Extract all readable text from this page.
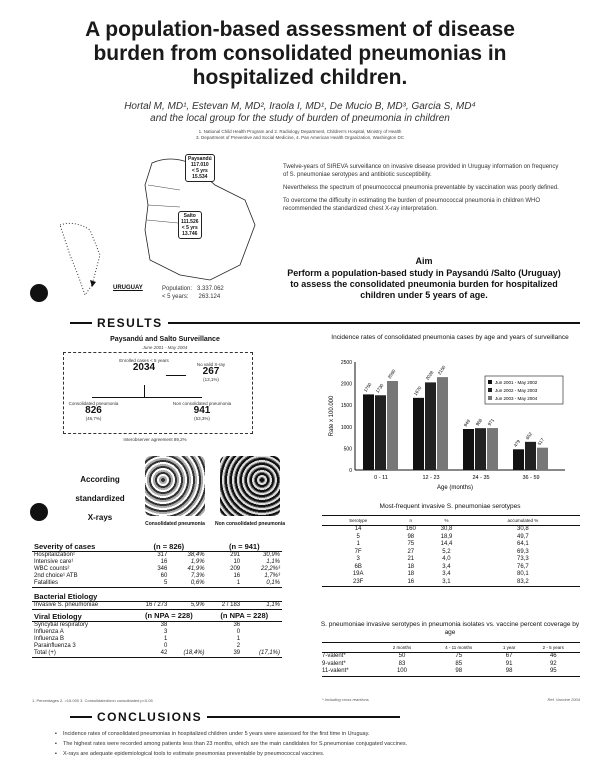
A population-based assessment of disease burden from consolidated pneumonias in hospitalized children.
Hortal M, MD¹, Estevan M, MD², Iraola I, MD¹, De Mucio B, MD³, Garcia S, MD⁴
and the local group for the study of burden of pneumonia in children
1. National Child Health Program and 2. Radiology Department, Children's Hospital, Ministry of Health
3. Department of Preventive and Social Medicine, 4. Pan American Health Organization, Washington DC
Paysandú
117.010
< 5 yrs
15.534
Salto
111.526
< 5 yrs
13.746
URUGUAY	Population: 3.337.062
< 5 years: 263.124

Twelve-years of SIREVA surveillance on invasive disease provided in Uruguay information on frequency of S. pneumoniae serotypes and antibiotic susceptibility.

Nevertheless the spectrum of pneumococcal pneumonia preventable by vaccination was poorly defined.

To overcome the difficulty in estimating the burden of pneumococcal pneumonia in children WHO recommended the standardized chest X-ray interpretation.

Aim
Perform a population-based study in Paysandú /Salto (Uruguay) to assess the consolidated pneumonia burden for hospitalized children under 5 years of age.
RESULTS
Paysandú and Salto Surveillance
June 2001 - May 2004
Enrolled cases < 5 years
2034	No valid X-ray
267
(13,1%)
Consolidated pneumonia
826
(46,7%)
Non consolidated pneumonia
941
(53,3%)
Interobserver agreement 89,2%
Incidence rates of consolidated pneumonia cases by age and years of surveillance
0
500
1000
1500
2000
2500
Rate x 100.000
1750 1730
2060
0 - 11
1670
2028 2150
12 - 23
949 968 971
24 - 35
479
652
517
36 - 59
Age (months)
Jun 2001 - May 2002
Jun 2002 - May 2003
Jun 2003 - May 2004
According
standardized
X-rays
Consolidated pneumonia	Non consolidated pneumonia
Severity of cases	(n = 826)		(n = 941)	
Hospitalization¹	317	38,4%	291	30,9%
Intensive care¹	16	1,9%	10	1,1%
WBC counts²	346	41,9%	209	22,2%³
2nd choice¹ ATB	60	7,3%	16	1,7%³
Fatalities	5	0,6%	1	0,1%
Bacterial Etiology				
Invasive S. pneumoniae	16 / 273	5,9%	2 / 183	1,1%
Viral Etiology	(n NPA = 228)		(n NPA = 228)	
Syncytial respiratory	38		36	
Influenza A	3		0	
Influenza B	1		1	
Parainfluenza 3	0		2	
Total (+)	42	(18,4%)	39	(17,1%)
1. Percentages 2. >15.000 3. Consolidated/non consolidated p<0.05
Most-frequent invasive S. pneumoniae serotypes
Serotype	n	%	accumulated %
14	160	30,8	30,8
5	98	18,9	49,7
1	75	14,4	64,1
7F	27	5,2	69,3
3	21	4,0	73,3
6B	18	3,4	76,7
19A	18	3,4	80,1
23F	16	3,1	83,2
S. pneumoniae invasive serotypes in pneumonia isolates vs. vaccine percent coverage by age
	2 months	4 - 11 months	1 year	2 - 5 years
7-valent*	50	75	67	46
9-valent*	83	85	91	92
11-valent*	100	98	98	95
* Including cross reactions	Ref. Vaccine 2004
CONCLUSIONS
▪ Incidence rates of consolidated pneumonias in hospitalized children under 5 years were assessed for the first time in Uruguay.
▪ The highest rates were recorded among patients less than 23 months, which are the main candidates for S.pneumoniae conjugated vaccines.
▪ X-rays are adequate epidemiological tools to estimate pneumonias preventable by pneumococcal vaccines.
